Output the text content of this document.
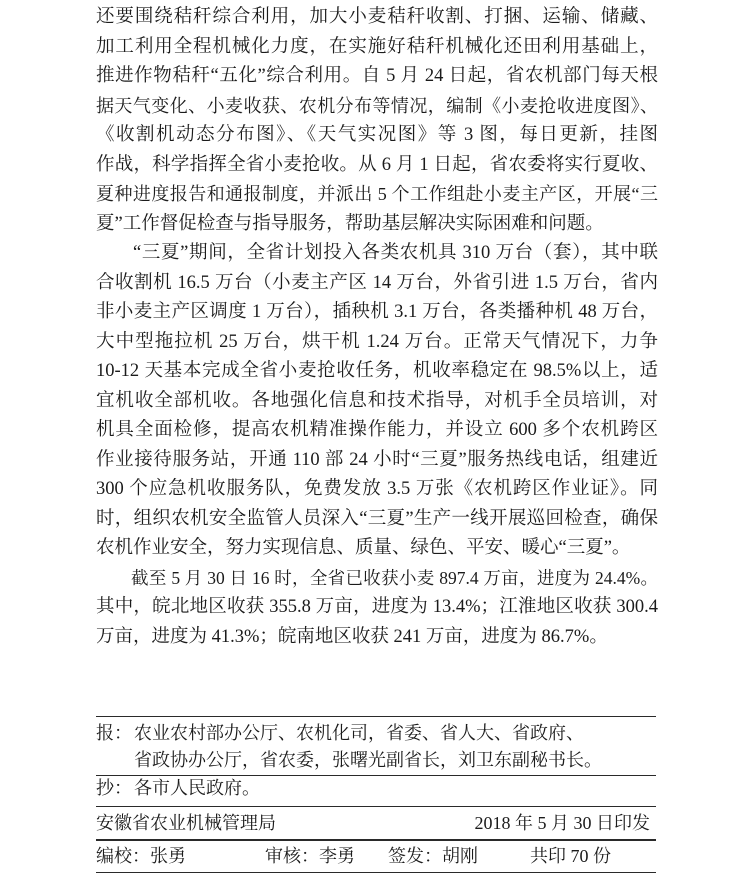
还要围绕秸秆综合利用，加大小麦秸秆收割、打捆、运输、储藏、
加工利用全程机械化力度，在实施好秸秆机械化还田利用基础上，
推进作物秸秆“五化”综合利用。自 5 月 24 日起，省农机部门每天根
据天气变化、小麦收获、农机分布等情况，编制《小麦抢收进度图》、
《收割机动态分布图》、《天气实况图》等 3 图，每日更新，挂图
作战，科学指挥全省小麦抢收。从 6 月 1 日起，省农委将实行夏收、
夏种进度报告和通报制度，并派出 5 个工作组赴小麦主产区，开展“三
夏”工作督促检查与指导服务，帮助基层解决实际困难和问题。
“三夏”期间，全省计划投入各类农机具 310 万台（套），其中联
合收割机 16.5 万台（小麦主产区 14 万台，外省引进 1.5 万台，省内
非小麦主产区调度 1 万台），插秧机 3.1 万台，各类播种机 48 万台，
大中型拖拉机 25 万台，烘干机 1.24 万台。正常天气情况下，力争
10-12 天基本完成全省小麦抢收任务，机收率稳定在 98.5%以上，适
宜机收全部机收。各地强化信息和技术指导，对机手全员培训，对
机具全面检修，提高农机精准操作能力，并设立 600 多个农机跨区
作业接待服务站，开通 110 部 24 小时“三夏”服务热线电话，组建近
300 个应急机收服务队，免费发放 3.5 万张《农机跨区作业证》。同
时，组织农机安全监管人员深入“三夏”生产一线开展巡回检查，确保
农机作业安全，努力实现信息、质量、绿色、平安、暖心“三夏”。
截至 5 月 30 日 16 时，全省已收获小麦 897.4 万亩，进度为 24.4%。
其中，皖北地区收获 355.8 万亩，进度为 13.4%；江淮地区收获 300.4
万亩，进度为 41.3%；皖南地区收获 241 万亩，进度为 86.7%。
报： 农业农村部办公厅、农机化司，省委、省人大、省政府、
省政协办公厅，省农委，张曙光副省长，刘卫东副秘书长。
抄： 各市人民政府。
安徽省农业机械管理局	2018 年 5 月 30 日印发
编校：张勇	审核：李勇 签发：胡刚	共印 70 份
